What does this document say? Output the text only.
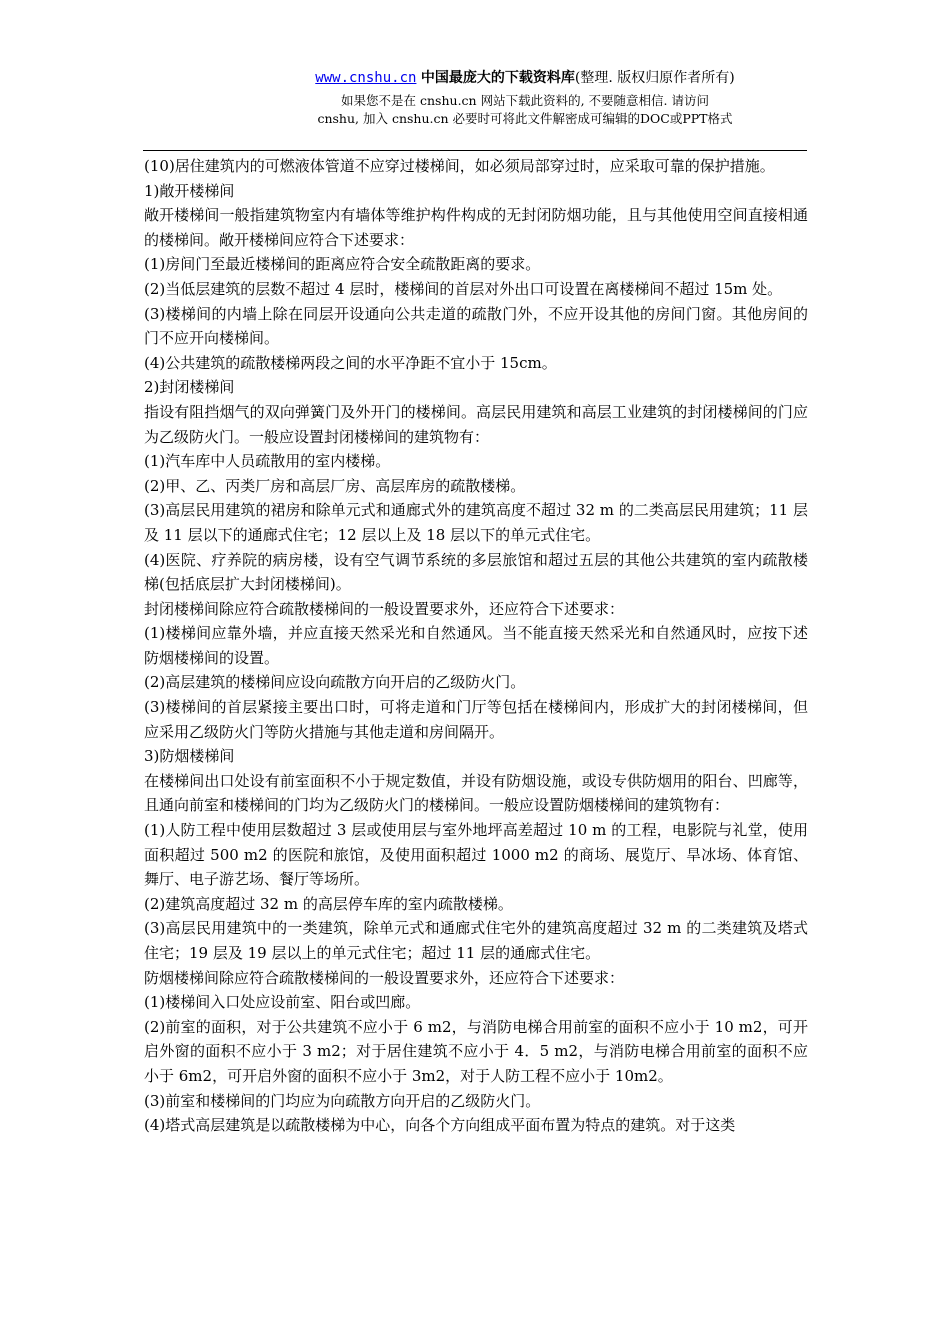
www.cnshu.cn 中国最庞大的下载资料库(整理. 版权归原作者所有)
如果您不是在 cnshu.cn 网站下载此资料的, 不要随意相信. 请访问
cnshu, 加入 cnshu.cn 必要时可将此文件解密成可编辑的DOC或PPT格式

(10)居住建筑内的可燃液体管道不应穿过楼梯间，如必须局部穿过时，应采取可靠的保护措施。

1)敞开楼梯间

敞开楼梯间一般指建筑物室内有墙体等维护构件构成的无封闭防烟功能，且与其他使用空间直接相通的楼梯间。敞开楼梯间应符合下述要求：

(1)房间门至最近楼梯间的距离应符合安全疏散距离的要求。

(2)当低层建筑的层数不超过 4 层时，楼梯间的首层对外出口可设置在离楼梯间不超过 15m 处。

(3)楼梯间的内墙上除在同层开设通向公共走道的疏散门外，不应开设其他的房间门窗。其他房间的门不应开向楼梯间。

(4)公共建筑的疏散楼梯两段之间的水平净距不宜小于 15cm。

2)封闭楼梯间

指设有阻挡烟气的双向弹簧门及外开门的楼梯间。高层民用建筑和高层工业建筑的封闭楼梯间的门应为乙级防火门。一般应设置封闭楼梯间的建筑物有：

(1)汽车库中人员疏散用的室内楼梯。

(2)甲、乙、丙类厂房和高层厂房、高层库房的疏散楼梯。

(3)高层民用建筑的裙房和除单元式和通廊式外的建筑高度不超过 32 m 的二类高层民用建筑；11 层及 11 层以下的通廊式住宅；12 层以上及 18 层以下的单元式住宅。

(4)医院、疗养院的病房楼，设有空气调节系统的多层旅馆和超过五层的其他公共建筑的室内疏散楼梯(包括底层扩大封闭楼梯间)。

封闭楼梯间除应符合疏散楼梯间的一般设置要求外，还应符合下述要求：

(1)楼梯间应靠外墙，并应直接天然采光和自然通风。当不能直接天然采光和自然通风时，应按下述防烟楼梯间的设置。

(2)高层建筑的楼梯间应设向疏散方向开启的乙级防火门。

(3)楼梯间的首层紧接主要出口时，可将走道和门厅等包括在楼梯间内，形成扩大的封闭楼梯间，但应采用乙级防火门等防火措施与其他走道和房间隔开。

3)防烟楼梯间

在楼梯间出口处设有前室面积不小于规定数值，并设有防烟设施，或设专供防烟用的阳台、凹廊等，且通向前室和楼梯间的门均为乙级防火门的楼梯间。一般应设置防烟楼梯间的建筑物有：

(1)人防工程中使用层数超过 3 层或使用层与室外地坪高差超过 10 m 的工程，电影院与礼堂，使用面积超过 500 m2 的医院和旅馆，及使用面积超过 1000 m2 的商场、展览厅、旱冰场、体育馆、舞厅、电子游艺场、餐厅等场所。

(2)建筑高度超过 32 m 的高层停车库的室内疏散楼梯。

(3)高层民用建筑中的一类建筑，除单元式和通廊式住宅外的建筑高度超过 32 m 的二类建筑及塔式住宅；19 层及 19 层以上的单元式住宅；超过 11 层的通廊式住宅。

防烟楼梯间除应符合疏散楼梯间的一般设置要求外，还应符合下述要求：

(1)楼梯间入口处应设前室、阳台或凹廊。

(2)前室的面积，对于公共建筑不应小于 6 m2，与消防电梯合用前室的面积不应小于 10 m2，可开启外窗的面积不应小于 3 m2；对于居住建筑不应小于 4．5 m2，与消防电梯合用前室的面积不应小于 6m2，可开启外窗的面积不应小于 3m2，对于人防工程不应小于 10m2。

(3)前室和楼梯间的门均应为向疏散方向开启的乙级防火门。

(4)塔式高层建筑是以疏散楼梯为中心，向各个方向组成平面布置为特点的建筑。对于这类
